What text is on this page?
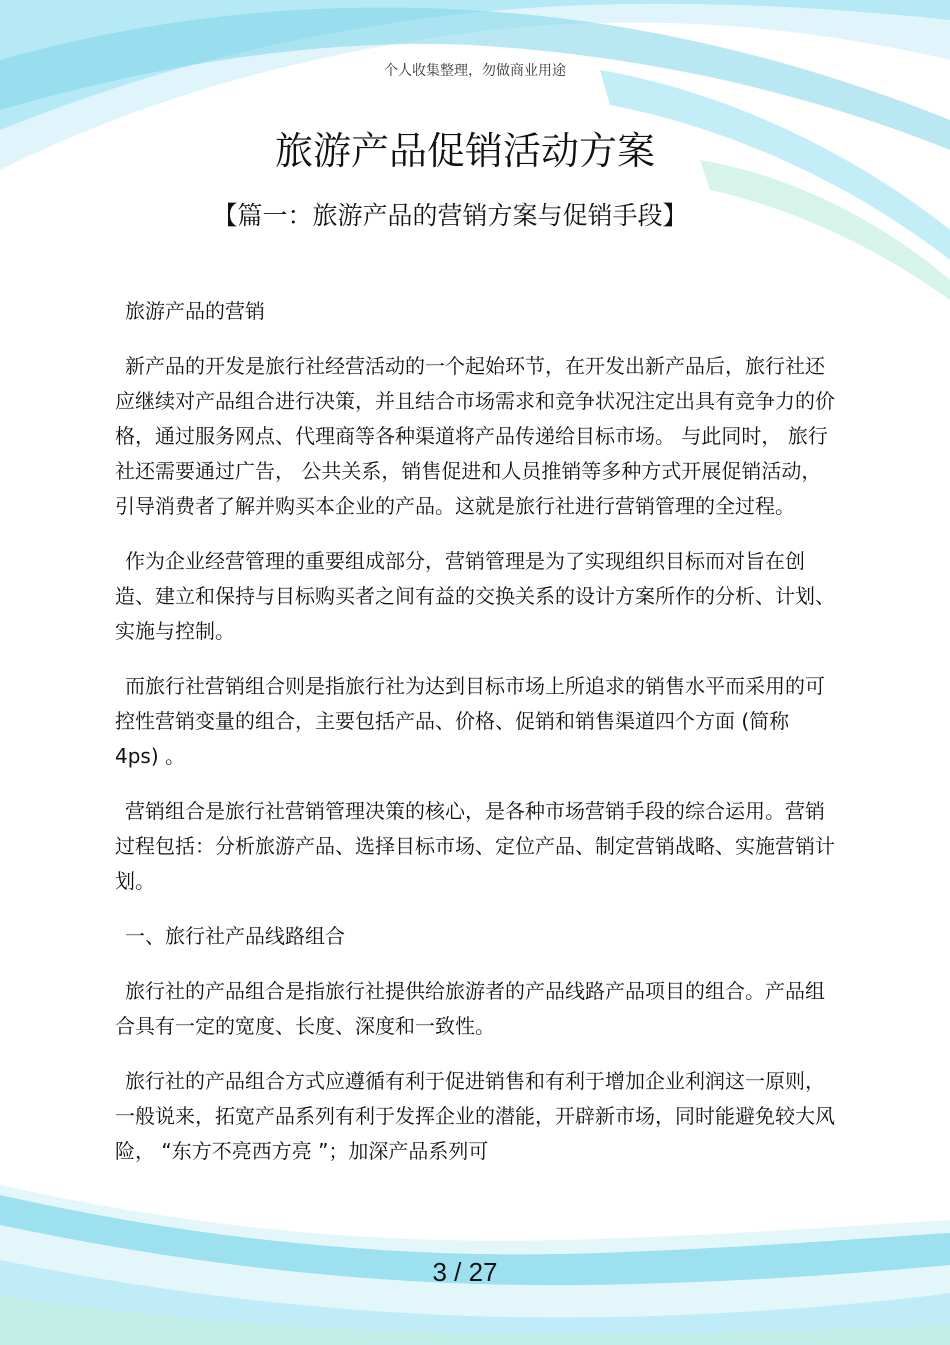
个人收集整理，勿做商业用途
旅游产品促销活动方案
【篇一：旅游产品的营销方案与促销手段】

旅游产品的营销

新产品的开发是旅行社经营活动的一个起始环节，在开发出新产品后，旅行社还应继续对产品组合进行决策，并且结合市场需求和竞争状况注定出具有竞争力的价格，通过服务网点、代理商等各种渠道将产品传递给目标市场。 与此同时， 旅行社还需要通过广告， 公共关系，销售促进和人员推销等多种方式开展促销活动，引导消费者了解并购买本企业的产品。这就是旅行社进行营销管理的全过程。

作为企业经营管理的重要组成部分，营销管理是为了实现组织目标而对旨在创造、建立和保持与目标购买者之间有益的交换关系的设计方案所作的分析、计划、实施与控制。

而旅行社营销组合则是指旅行社为达到目标市场上所追求的销售水平而采用的可控性营销变量的组合，主要包括产品、价格、促销和销售渠道四个方面 (简称 4ps) 。

营销组合是旅行社营销管理决策的核心，是各种市场营销手段的综合运用。营销过程包括：分析旅游产品、选择目标市场、定位产品、制定营销战略、实施营销计划。

一、旅行社产品线路组合

旅行社的产品组合是指旅行社提供给旅游者的产品线路产品项目的组合。产品组合具有一定的宽度、长度、深度和一致性。

旅行社的产品组合方式应遵循有利于促进销售和有利于增加企业利润这一原则，一般说来，拓宽产品系列有利于发挥企业的潜能，开辟新市场，同时能避免较大风险， “东方不亮西方亮 ”；加深产品系列可

3 / 27
